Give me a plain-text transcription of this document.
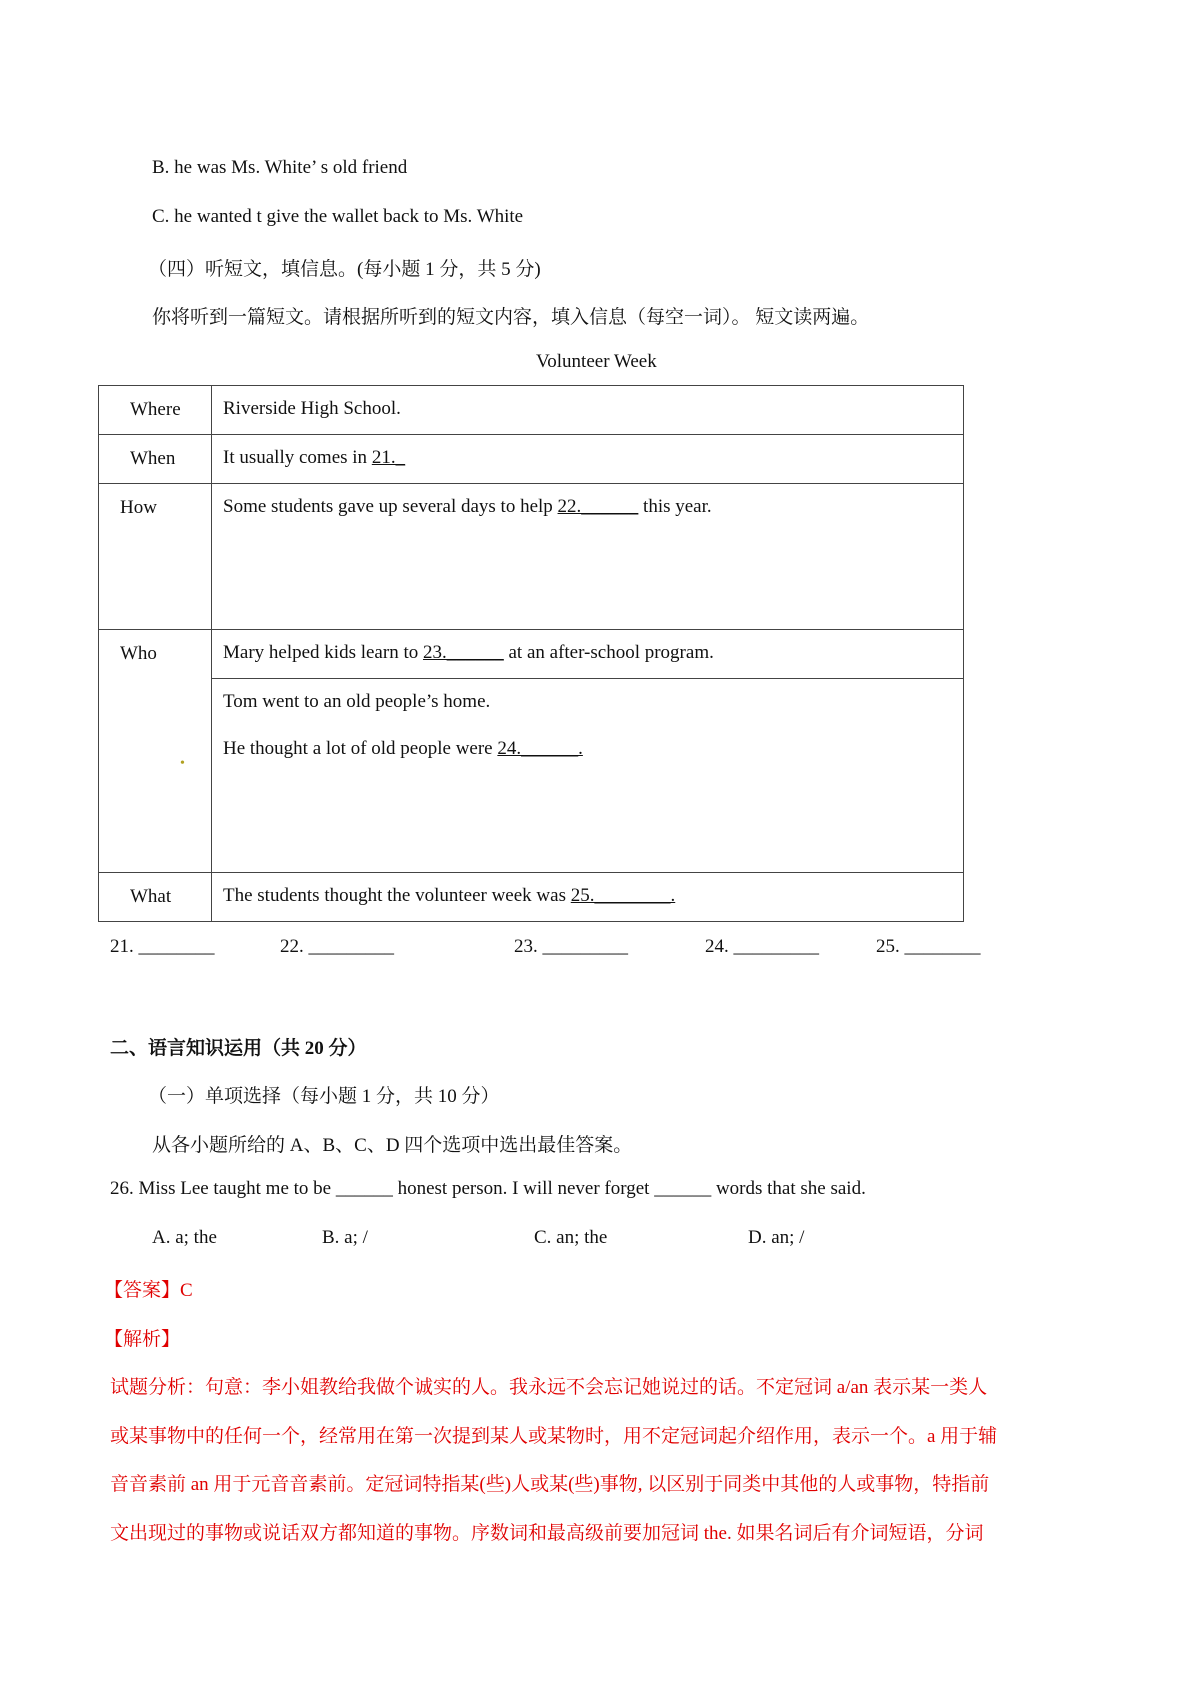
B. he was Ms. White’ s old friend
C. he wanted t give the wallet back to Ms. White
（四）听短文，填信息。(每小题 1 分，共 5 分)
你将听到一篇短文。请根据所听到的短文内容，填入信息（每空一词）。 短文读两遍。
Volunteer Week
Where	Riverside High School.

When	It usually comes in 21._

How	Some students gave up several days to help 22.______ this year.

Who	Mary helped kids learn to 23.______ at an after-school program.

	Tom went to an old people’s home.
He thought a lot of old people were 24.______.

What	The students thought the volunteer week was 25.________.
•
21. ________	22. _________	23. _________	24. _________	25. ________
二、语言知识运用（共 20 分）
（一）单项选择（每小题 1 分，共 10 分）
从各小题所给的 A、B、C、D 四个选项中选出最佳答案。
26. Miss Lee taught me to be ______ honest person. I will never forget ______ words that she said.
A. a; the	B. a; /	C. an; the	D. an; /
【答案】C
【解析】
试题分析：句意：李小姐教给我做个诚实的人。我永远不会忘记她说过的话。不定冠词 a/an 表示某一类人
或某事物中的任何一个，经常用在第一次提到某人或某物时，用不定冠词起介绍作用，表示一个。a 用于辅
音音素前 an 用于元音音素前。定冠词特指某(些)人或某(些)事物, 以区别于同类中其他的人或事物，特指前
文出现过的事物或说话双方都知道的事物。序数词和最高级前要加冠词 the. 如果名词后有介词短语，分词
